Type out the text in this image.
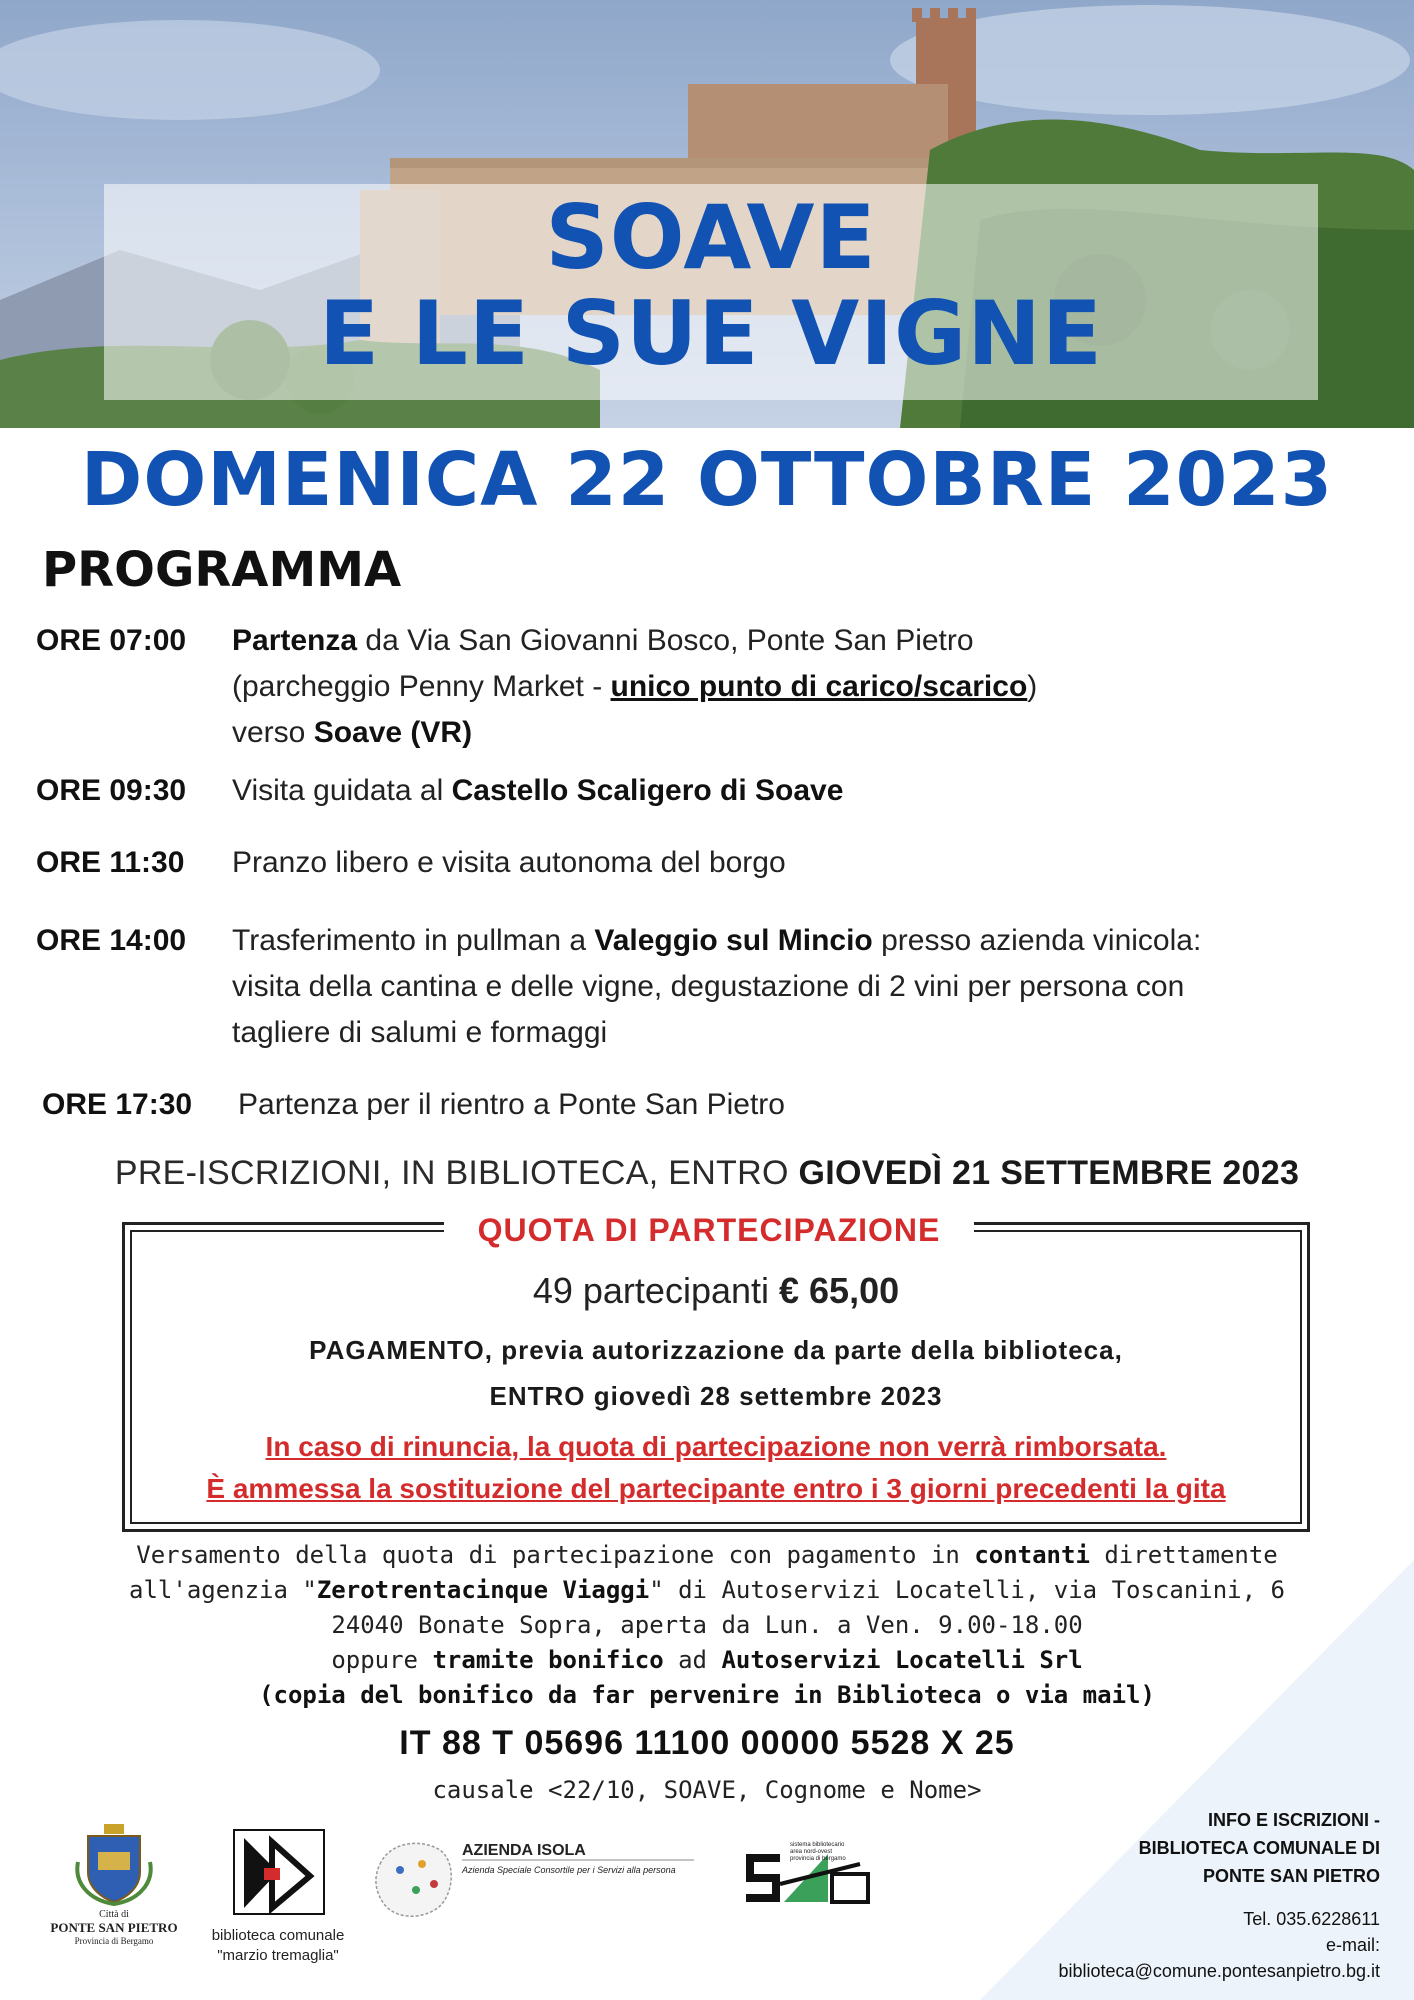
SOAVE
E LE SUE VIGNE
DOMENICA 22 OTTOBRE 2023
PROGRAMMA
ORE 07:00 Partenza da Via San Giovanni Bosco, Ponte San Pietro
(parcheggio Penny Market - unico punto di carico/scarico)
verso Soave (VR)
ORE 09:30 Visita guidata al Castello Scaligero di Soave
ORE 11:30 Pranzo libero e visita autonoma del borgo
ORE 14:00 Trasferimento in pullman a Valeggio sul Mincio presso azienda vinicola:
visita della cantina e delle vigne, degustazione di 2 vini per persona con
tagliere di salumi e formaggi
ORE 17:30 Partenza per il rientro a Ponte San Pietro
PRE-ISCRIZIONI, IN BIBLIOTECA, ENTRO GIOVEDÌ 21 SETTEMBRE 2023
QUOTA DI PARTECIPAZIONE
49 partecipanti € 65,00
PAGAMENTO, previa autorizzazione da parte della biblioteca,
ENTRO giovedì 28 settembre 2023
In caso di rinuncia, la quota di partecipazione non verrà rimborsata.
È ammessa la sostituzione del partecipante entro i 3 giorni precedenti la gita
Versamento della quota di partecipazione con pagamento in contanti direttamente
all'agenzia "Zerotrentacinque Viaggi" di Autoservizi Locatelli, via Toscanini, 6
24040 Bonate Sopra, aperta da Lun. a Ven. 9.00-18.00
oppure tramite bonifico ad Autoservizi Locatelli Srl
(copia del bonifico da far pervenire in Biblioteca o via mail)
IT 88 T 05696 11100 00000 5528 X 25
causale <22/10, SOAVE, Cognome e Nome>
Città di
PONTE SAN PIETRO
Provincia di Bergamo	biblioteca comunale
"marzio tremaglia"
AZIENDA ISOLA
Azienda Speciale Consortile per i Servizi alla persona
sistema bibliotecario
area nord-ovest
provincia di bergamo
INFO E ISCRIZIONI -
BIBLIOTECA COMUNALE DI
PONTE SAN PIETRO
Tel. 035.6228611
e-mail:
biblioteca@comune.pontesanpietro.bg.it
